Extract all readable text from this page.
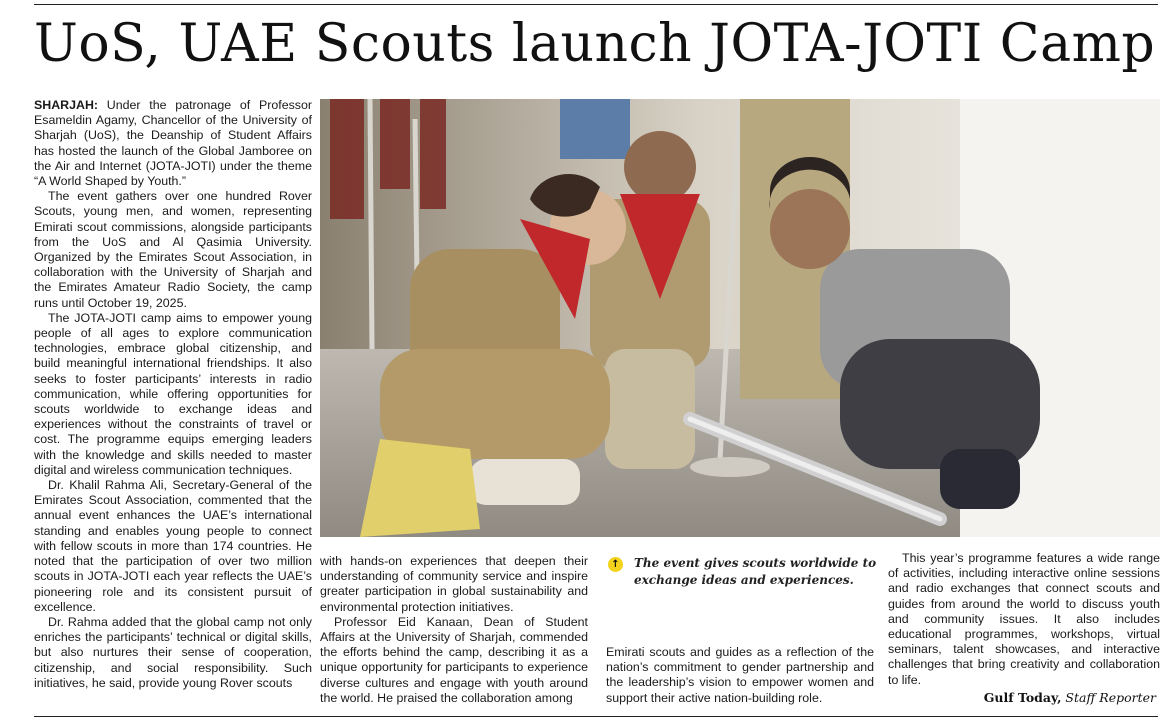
UoS, UAE Scouts launch JOTA-JOTI Camp

SHARJAH: Under the patronage of Professor Esameldin Agamy, Chancellor of the University of Sharjah (UoS), the Deanship of Student Affairs has hosted the launch of the Global Jamboree on the Air and Internet (JOTA-JOTI) under the theme “A World Shaped by Youth.”

The event gathers over one hundred Rover Scouts, young men, and women, representing Emirati scout commissions, alongside participants from the UoS and Al Qasimia University. Organized by the Emirates Scout Association, in collaboration with the University of Sharjah and the Emirates Amateur Radio Society, the camp runs until October 19, 2025.

The JOTA-JOTI camp aims to empower young people of all ages to explore communication technologies, embrace global citizenship, and build meaningful international friendships. It also seeks to foster participants’ interests in radio communication, while offering opportunities for scouts worldwide to exchange ideas and experiences without the constraints of travel or cost. The programme equips emerging leaders with the knowledge and skills needed to master digital and wireless communication techniques.

Dr. Khalil Rahma Ali, Secretary-General of the Emirates Scout Association, commented that the annual event enhances the UAE’s international standing and enables young people to connect with fellow scouts in more than 174 countries. He noted that the participation of over two million scouts in JOTA-JOTI each year reflects the UAE’s pioneering role and its consistent pursuit of excellence.

Dr. Rahma added that the global camp not only enriches the participants’ technical or digital skills, but also nurtures their sense of cooperation, citizenship, and social responsibility. Such initiatives, he said, provide young Rover scouts

with hands-on experiences that deepen their understanding of community service and inspire greater participation in global sustainability and environmental protection initiatives.

Professor Eid Kanaan, Dean of Student Affairs at the University of Sharjah, commended the efforts behind the camp, describing it as a unique opportunity for participants to experience diverse cultures and engage with youth around the world. He praised the collaboration among

↑ The event gives scouts worldwide to exchange ideas and experiences.

Emirati scouts and guides as a reflection of the nation’s commitment to gender partnership and the leadership’s vision to empower women and support their active nation-building role.

This year’s programme features a wide range of activities, including interactive online sessions and radio exchanges that connect scouts and guides from around the world to discuss youth and community issues. It also includes educational programmes, workshops, virtual seminars, talent showcases, and interactive challenges that bring creativity and collaboration to life.

Gulf Today, Staff Reporter
